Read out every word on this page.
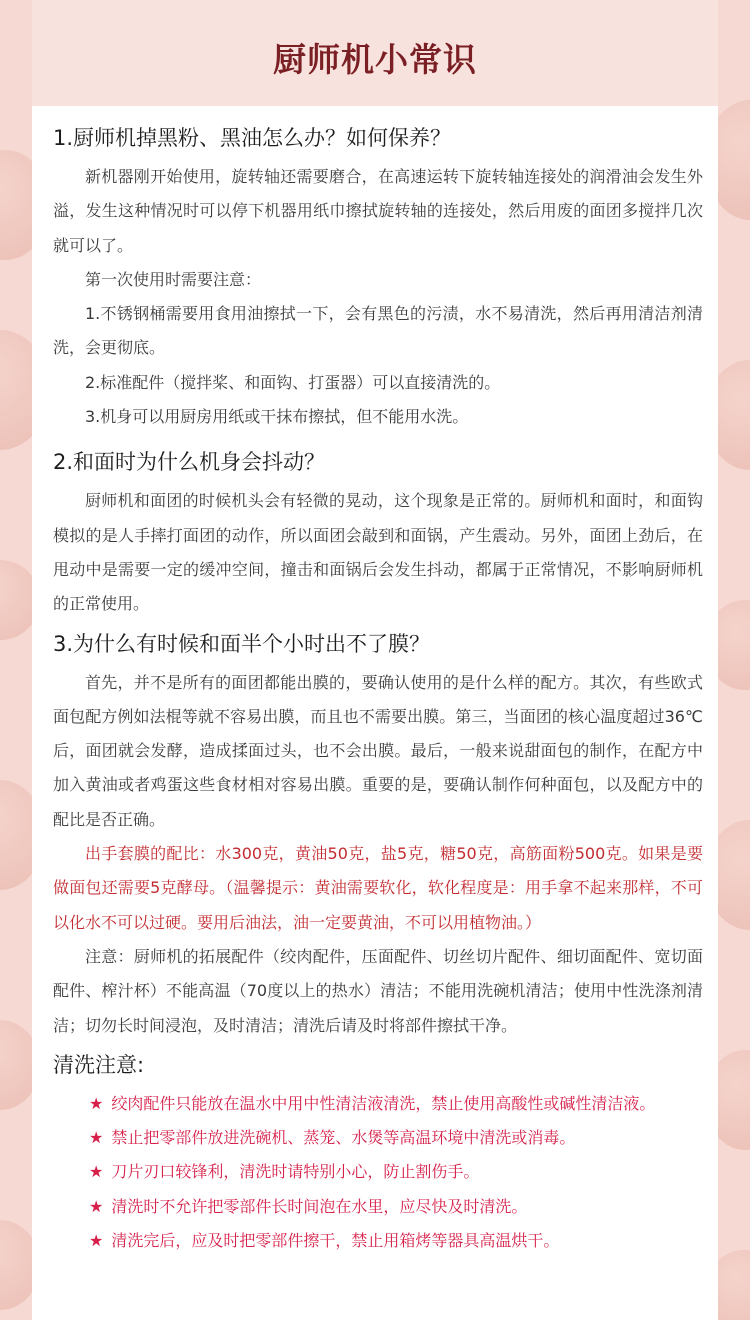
厨师机小常识

1.厨师机掉黑粉、黑油怎么办？如何保养？

新机器刚开始使用，旋转轴还需要磨合，在高速运转下旋转轴连接处的润滑油会发生外溢，发生这种情况时可以停下机器用纸巾擦拭旋转轴的连接处，然后用废的面团多搅拌几次就可以了。

第一次使用时需要注意：

1.不锈钢桶需要用食用油擦拭一下，会有黑色的污渍，水不易清洗，然后再用清洁剂清洗，会更彻底。

2.标准配件（搅拌桨、和面钩、打蛋器）可以直接清洗的。

3.机身可以用厨房用纸或干抹布擦拭，但不能用水洗。

2.和面时为什么机身会抖动？

厨师机和面团的时候机头会有轻微的晃动，这个现象是正常的。厨师机和面时，和面钩模拟的是人手摔打面团的动作，所以面团会敲到和面锅，产生震动。另外，面团上劲后，在甩动中是需要一定的缓冲空间，撞击和面锅后会发生抖动，都属于正常情况，不影响厨师机的正常使用。

3.为什么有时候和面半个小时出不了膜？

首先，并不是所有的面团都能出膜的，要确认使用的是什么样的配方。其次，有些欧式面包配方例如法棍等就不容易出膜，而且也不需要出膜。第三，当面团的核心温度超过36℃后，面团就会发酵，造成揉面过头，也不会出膜。最后，一般来说甜面包的制作，在配方中加入黄油或者鸡蛋这些食材相对容易出膜。重要的是，要确认制作何种面包，以及配方中的配比是否正确。

出手套膜的配比：水300克，黄油50克，盐5克，糖50克，高筋面粉500克。如果是要做面包还需要5克酵母。（温馨提示：黄油需要软化，软化程度是：用手拿不起来那样，不可以化水不可以过硬。要用后油法，油一定要黄油，不可以用植物油。）

注意：厨师机的拓展配件（绞肉配件，压面配件、切丝切片配件、细切面配件、宽切面配件、榨汁杯）不能高温（70度以上的热水）清洁；不能用洗碗机清洁；使用中性洗涤剂清洁；切勿长时间浸泡，及时清洁；清洗后请及时将部件擦拭干净。

清洗注意:

★ 绞肉配件只能放在温水中用中性清洁液清洗，禁止使用高酸性或碱性清洁液。

★ 禁止把零部件放进洗碗机、蒸笼、水煲等高温环境中清洗或消毒。

★ 刀片刃口较锋利，清洗时请特别小心，防止割伤手。

★ 清洗时不允许把零部件长时间泡在水里，应尽快及时清洗。

★ 清洗完后，应及时把零部件擦干，禁止用箱烤等器具高温烘干。
